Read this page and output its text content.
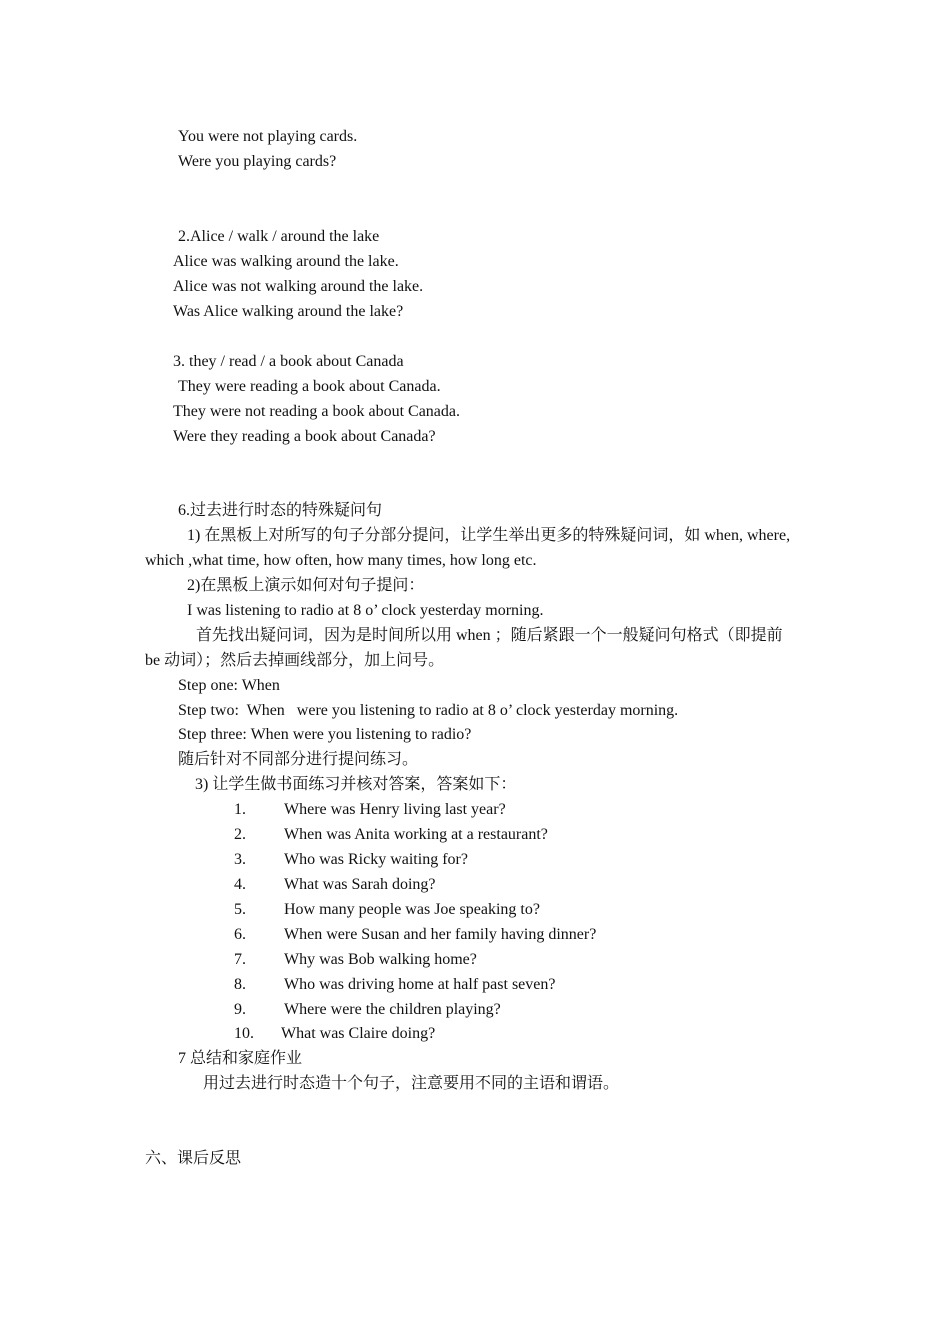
You were not playing cards.
Were you playing cards?
2.Alice / walk / around the lake
Alice was walking around the lake.
Alice was not walking around the lake.
Was Alice walking around the lake?
3. they / read / a book about Canada
They were reading a book about Canada.
They were not reading a book about Canada.
Were they reading a book about Canada?
6.过去进行时态的特殊疑问句
1) 在黑板上对所写的句子分部分提问，让学生举出更多的特殊疑问词，如 when, where,
which ,what time, how often, how many times, how long etc.
2)在黑板上演示如何对句子提问：
I was listening to radio at 8 o’ clock yesterday morning.
首先找出疑问词，因为是时间所以用 when ；随后紧跟一个一般疑问句格式（即提前
be 动词）；然后去掉画线部分，加上问号。
Step one: When
Step two:  When   were you listening to radio at 8 o’ clock yesterday morning.
Step three: When were you listening to radio?
随后针对不同部分进行提问练习。
3) 让学生做书面练习并核对答案，答案如下：
1. Where was Henry living last year?
2. When was Anita working at a restaurant?
3. Who was Ricky waiting for?
4. What was Sarah doing?
5. How many people was Joe speaking to?
6. When were Susan and her family having dinner?
7. Why was Bob walking home?
8. Who was driving home at half past seven?
9. Where were the children playing?
10. What was Claire doing?
7 总结和家庭作业
用过去进行时态造十个句子，注意要用不同的主语和谓语。
六、课后反思
